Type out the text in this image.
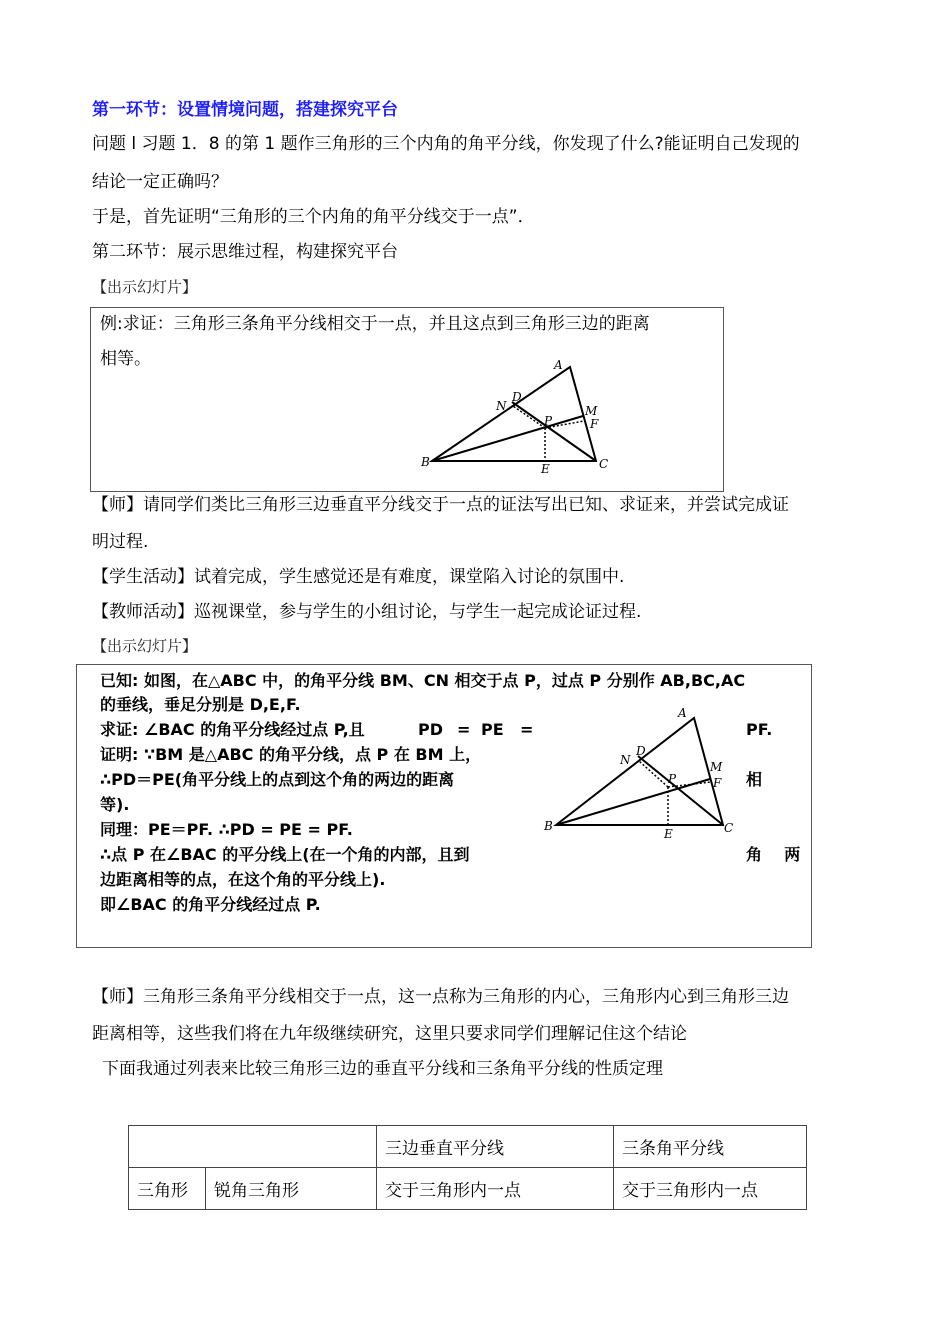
第一环节：设置情境问题，搭建探究平台
问题 l 习题 1．8 的第 1 题作三角形的三个内角的角平分线，你发现了什么?能证明自己发现的
结论一定正确吗？
于是，首先证明“三角形的三个内角的角平分线交于一点”．
第二环节：展示思维过程，构建探究平台
【出示幻灯片】
例:求证：三角形三条角平分线相交于一点，并且这点到三角形三边的距离
相等。	A
B	C
D
E
F
M
N
P
【师】请同学们类比三角形三边垂直平分线交于一点的证法写出已知、求证来，并尝试完成证
明过程.
【学生活动】试着完成，学生感觉还是有难度，课堂陷入讨论的氛围中.
【教师活动】巡视课堂，参与学生的小组讨论，与学生一起完成论证过程.
【出示幻灯片】
已知: 如图，在△ABC 中，的角平分线 BM、CN 相交于点 P，过点 P 分别作 AB,BC,AC
的垂线，垂足分别是 D,E,F.
求证: ∠BAC 的角平分线经过点 P,且	PD = PE =	PF.
证明: ∵BM 是△ABC 的角平分线，点 P 在 BM 上，
∴PD＝PE(角平分线上的点到这个角的两边的距离	相
等).
同理：PE＝PF. ∴PD = PE = PF.
∴点 P 在∠BAC 的平分线上(在一个角的内部，且到	角    两
边距离相等的点，在这个角的平分线上).
即∠BAC 的角平分线经过点 P.
A
B	C
D
E
F
M
N
P
【师】三角形三条角平分线相交于一点，这一点称为三角形的内心，三角形内心到三角形三边
距离相等，这些我们将在九年级继续研究，这里只要求同学们理解记住这个结论
下面我通过列表来比较三角形三边的垂直平分线和三条角平分线的性质定理
		三边垂直平分线	三条角平分线
三角形	锐角三角形	交于三角形内一点	交于三角形内一点
